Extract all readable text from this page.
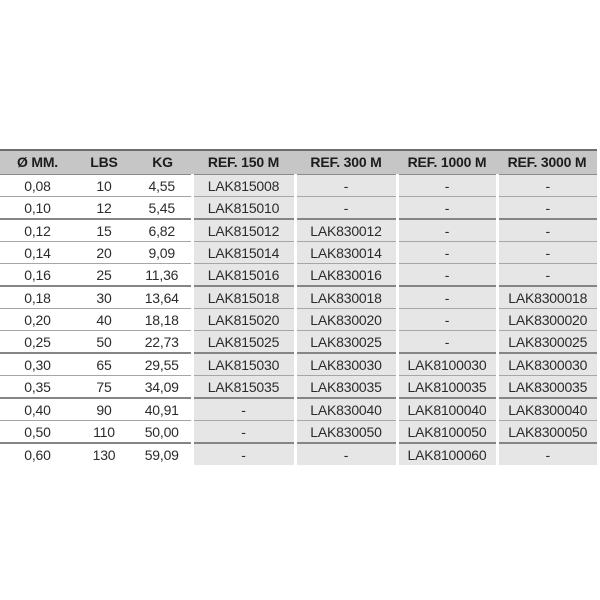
Ø MM.	LBS	KG	REF. 150 M	REF. 300 M	REF. 1000 M	REF. 3000 M
0,08	10	4,55	LAK815008	-	-	-
0,10	12	5,45	LAK815010	-	-	-
0,12	15	6,82	LAK815012	LAK830012	-	-
0,14	20	9,09	LAK815014	LAK830014	-	-
0,16	25	11,36	LAK815016	LAK830016	-	-
0,18	30	13,64	LAK815018	LAK830018	-	LAK8300018
0,20	40	18,18	LAK815020	LAK830020	-	LAK8300020
0,25	50	22,73	LAK815025	LAK830025	-	LAK8300025
0,30	65	29,55	LAK815030	LAK830030	LAK8100030	LAK8300030
0,35	75	34,09	LAK815035	LAK830035	LAK8100035	LAK8300035
0,40	90	40,91	-	LAK830040	LAK8100040	LAK8300040
0,50	110	50,00	-	LAK830050	LAK8100050	LAK8300050
0,60	130	59,09	-	-	LAK8100060	-
